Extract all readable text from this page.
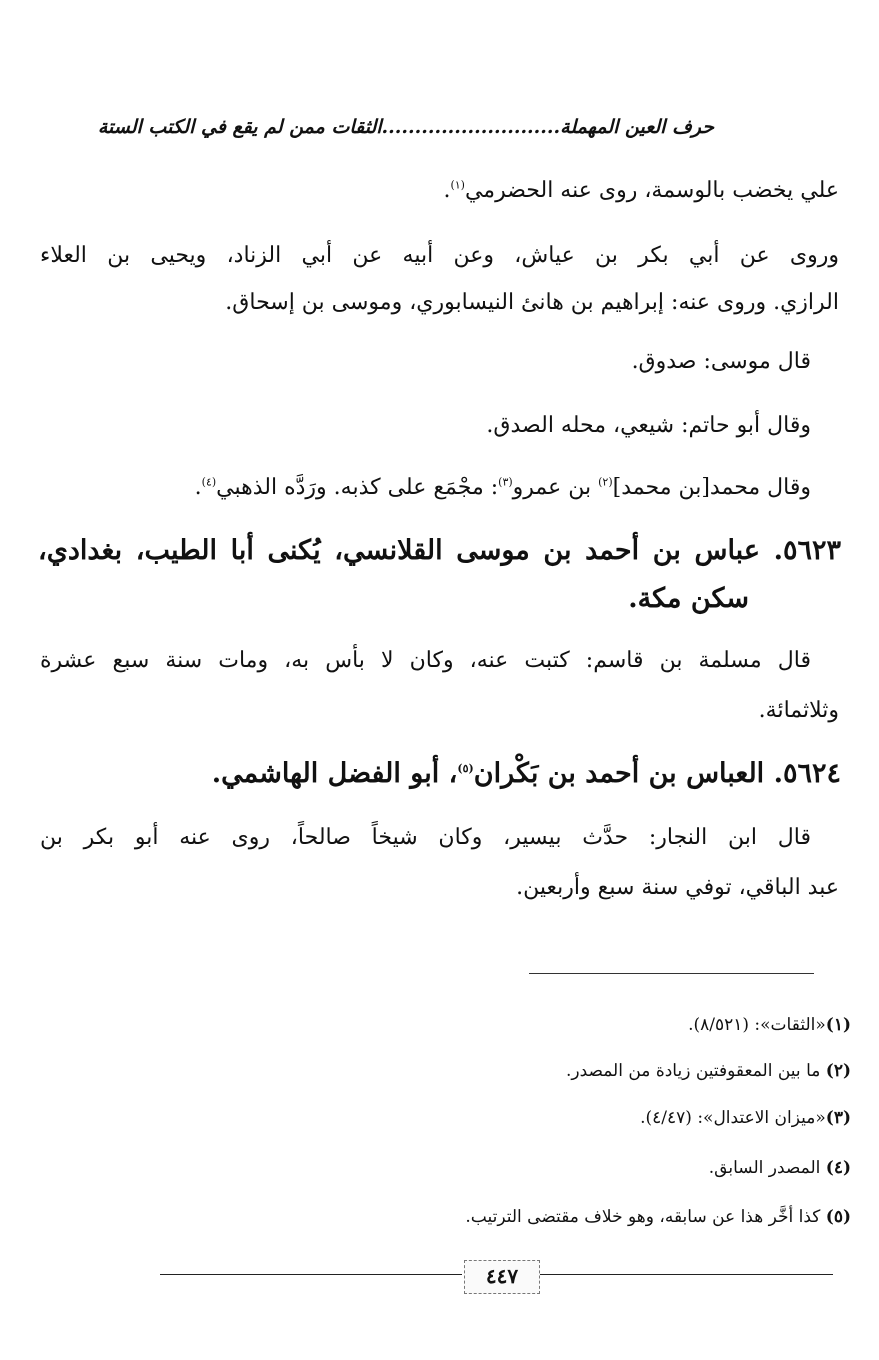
حرف العين المهملة...........................الثقات ممن لم يقع في الكتب الستة
علي يخضب بالوسمة، روى عنه الحضرمي$^{(١)}$.
وروى عن أبي بكر بن عياش، وعن أبيه عن أبي الزناد، ويحيى بن العلاء
الرازي. وروى عنه: إبراهيم بن هانئ النيسابوري، وموسى بن إسحاق.
قال موسى: صدوق.
وقال أبو حاتم: شيعي، محله الصدق.
وقال محمد[بن محمد]$^{(٢)}$ بن عمرو$^{(٣)}$: مجْمَع على كذبه. ورَدَّه الذهبي$^{(٤)}$.
٥٦٢٣. عباس بن أحمد بن موسى القلانسي، يُكنى أبا الطيب، بغدادي،
سكن مكة.
قال مسلمة بن قاسم: كتبت عنه، وكان لا بأس به، ومات سنة سبع عشرة
وثلاثمائة.
٥٦٢٤. العباس بن أحمد بن بَكْران$^{(٥)}$، أبو الفضل الهاشمي.
قال ابن النجار: حدَّث بيسير، وكان شيخاً صالحاً، روى عنه أبو بكر بن
عبد الباقي، توفي سنة سبع وأربعين.
(١)«الثقات»: (٨/٥٢١).
(٢) ما بين المعقوفتين زيادة من المصدر.
(٣)«ميزان الاعتدال»: (٤/٤٧).
(٤) المصدر السابق.
(٥) كذا أخَّر هذا عن سابقه، وهو خلاف مقتضى الترتيب.
٤٤٧
